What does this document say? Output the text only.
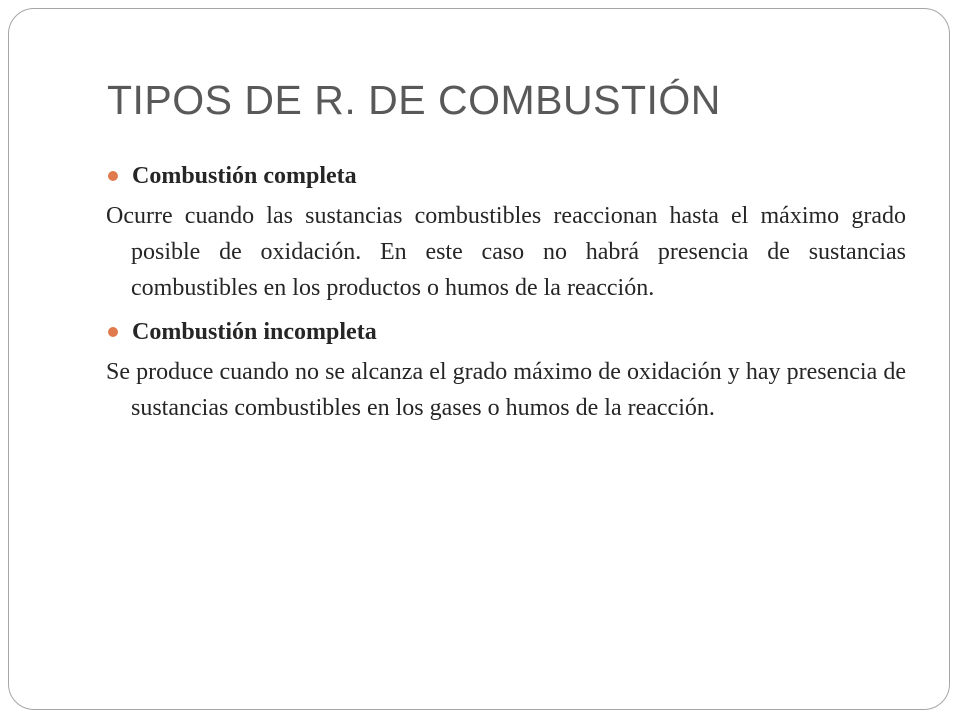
TIPOS DE R. DE COMBUSTIÓN
Combustión completa

Ocurre cuando las sustancias combustibles reaccionan hasta el máximo grado posible de oxidación. En este caso no habrá presencia de sustancias combustibles en los productos o humos de la reacción.

Combustión incompleta

Se produce cuando no se alcanza el grado máximo de oxidación y hay presencia de sustancias combustibles en los gases o humos de la reacción.
